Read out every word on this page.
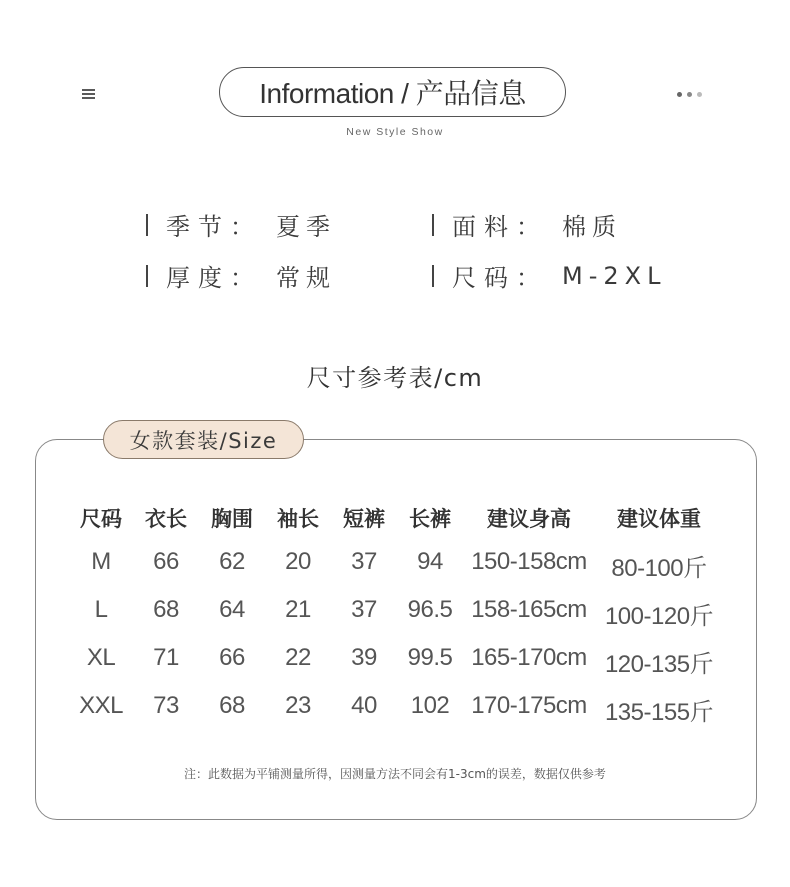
Information / 产品信息
New Style Show
季节： 夏季	面料： 棉质
厚度： 常规	尺码： M-2XL
尺寸参考表/cm
女款套装/Size
尺码 衣长 胸围 袖长 短裤 长裤 建议身高 建议体重
M 66 62 20 37 94 150-158cm 80-100斤
L 68 64 21 37 96.5 158-165cm 100-120斤
XL 71 66 22 39 99.5 165-170cm 120-135斤
XXL 73 68 23 40 102 170-175cm 135-155斤
注：此数据为平铺测量所得，因测量方法不同会有1-3cm的误差，数据仅供参考
